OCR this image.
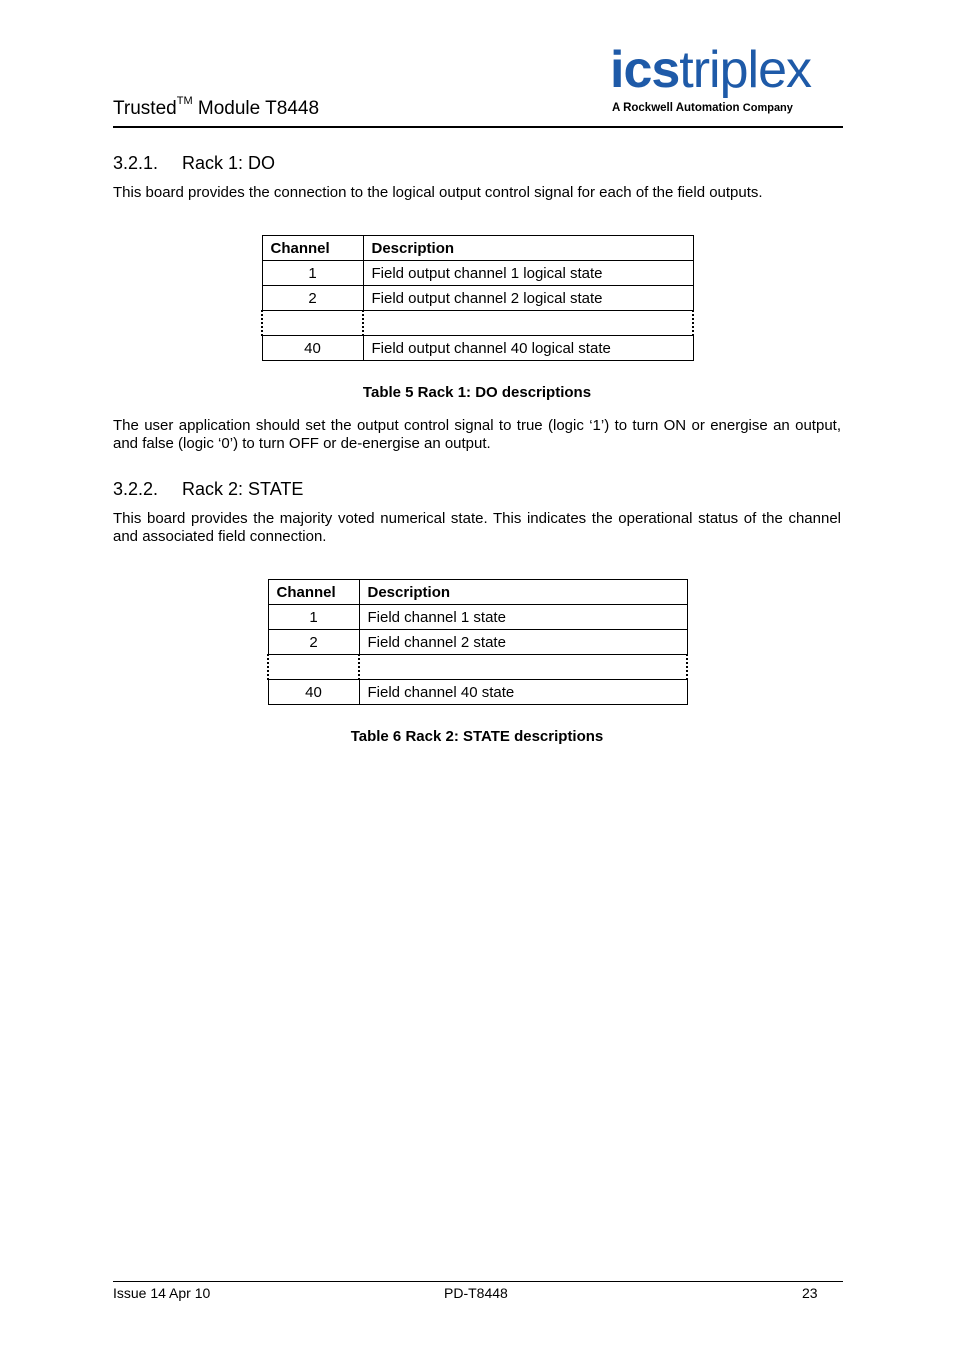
Trusted™ Module T8448
icstriplex
A Rockwell Automation Company
3.2.1. Rack 1: DO
This board provides the connection to the logical output control signal for each of the field outputs.
Channel	Description
1	Field output channel 1 logical state
2	Field output channel 2 logical state

40	Field output channel 40 logical state
Table 5 Rack 1: DO descriptions
The user application should set the output control signal to true (logic ‘1’) to turn ON or energise an output, and false (logic ‘0’) to turn OFF or de-energise an output.
3.2.2. Rack 2: STATE
This board provides the majority voted numerical state. This indicates the operational status of the channel and associated field connection.
Channel	Description
1	Field channel 1 state
2	Field channel 2 state

40	Field channel 40 state
Table 6 Rack 2: STATE descriptions
Issue 14 Apr 10	PD-T8448	23
